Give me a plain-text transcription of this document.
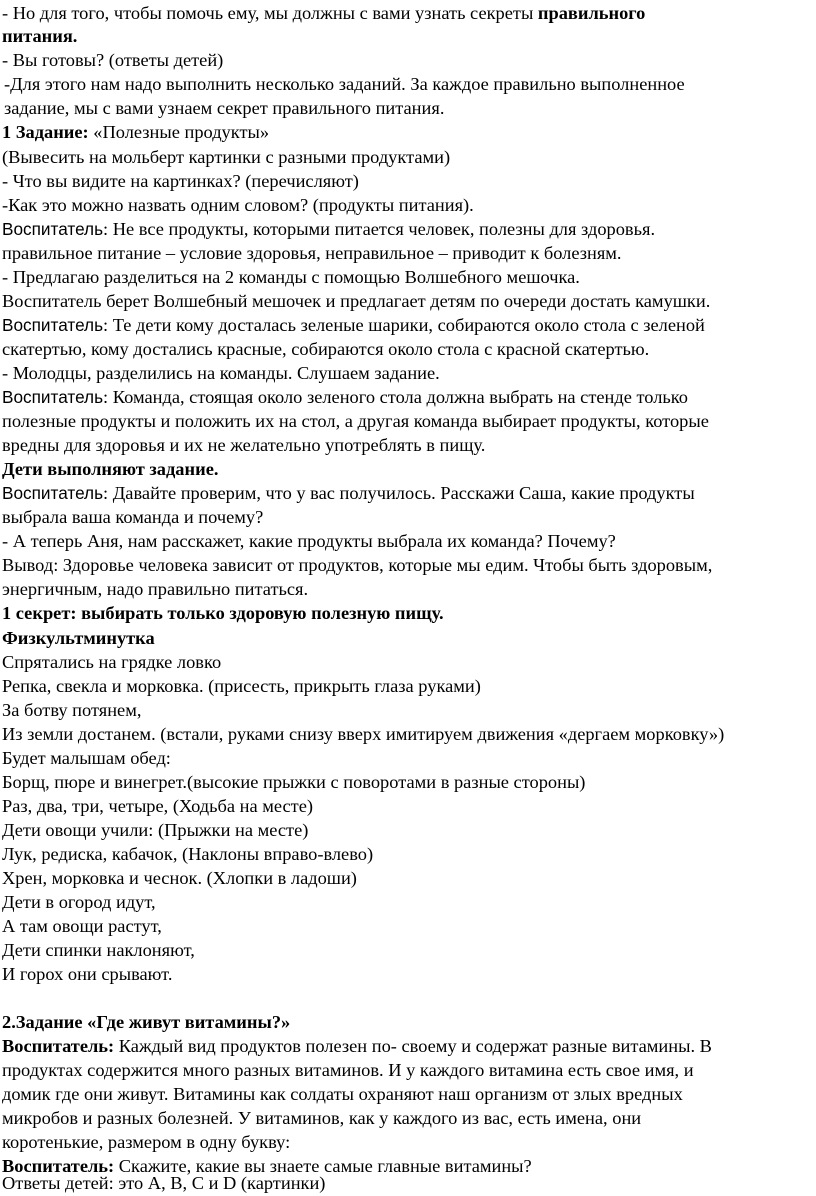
- Но для того, чтобы помочь ему, мы должны с вами узнать секреты правильного
питания.
- Вы готовы? (ответы детей)
-Для этого нам надо выполнить несколько заданий. За каждое правильно выполненное
задание, мы с вами узнаем секрет правильного питания.
1 Задание: «Полезные продукты»
(Вывесить на мольберт картинки с разными продуктами)
- Что вы видите на картинках? (перечисляют)
-Как это можно назвать одним словом? (продукты питания).
Воспитатель: Не все продукты, которыми питается человек, полезны для здоровья.
правильное питание – условие здоровья, неправильное – приводит к болезням.
- Предлагаю разделиться на 2 команды с помощью Волшебного мешочка.
Воспитатель берет Волшебный мешочек и предлагает детям по очереди достать камушки.
Воспитатель: Те дети кому досталась зеленые шарики, собираются около стола с зеленой
скатертью, кому достались красные, собираются около стола с красной скатертью.
- Молодцы, разделились на команды. Слушаем задание.
Воспитатель: Команда, стоящая около зеленого стола должна выбрать на стенде только
полезные продукты и положить их на стол, а другая команда выбирает продукты, которые
вредны для здоровья и их не желательно употреблять в пищу.
Дети выполняют задание.
Воспитатель: Давайте проверим, что у вас получилось. Расскажи Саша, какие продукты
выбрала ваша команда и почему?
- А теперь Аня, нам расскажет, какие продукты выбрала их команда? Почему?
Вывод: Здоровье человека зависит от продуктов, которые мы едим. Чтобы быть здоровым,
энергичным, надо правильно питаться.
1 секрет: выбирать только здоровую полезную пищу.
Физкультминутка
Спрятались на грядке ловко
Репка, свекла и морковка. (присесть, прикрыть глаза руками)
За ботву потянем,
Из земли достанем. (встали, руками снизу вверх имитируем движения «дергаем морковку»)
Будет малышам обед:
Борщ, пюре и винегрет.(высокие прыжки с поворотами в разные стороны)
Раз, два, три, четыре, (Ходьба на месте)
Дети овощи учили: (Прыжки на месте)
Лук, редиска, кабачок, (Наклоны вправо-влево)
Хрен, морковка и чеснок. (Хлопки в ладоши)
Дети в огород идут,
А там овощи растут,
Дети спинки наклоняют,
И горох они срывают.
2.Задание «Где живут витамины?»
Воспитатель: Каждый вид продуктов полезен по- своему и содержат разные витамины. В
продуктах содержится много разных витаминов. И у каждого витамина есть свое имя, и
домик где они живут. Витамины как солдаты охраняют наш организм от злых вредных
микробов и разных болезней. У витаминов, как у каждого из вас, есть имена, они
коротенькие, размером в одну букву:
Воспитатель: Скажите, какие вы знаете самые главные витамины?
Ответы детей: это А, В, С и D (картинки)
